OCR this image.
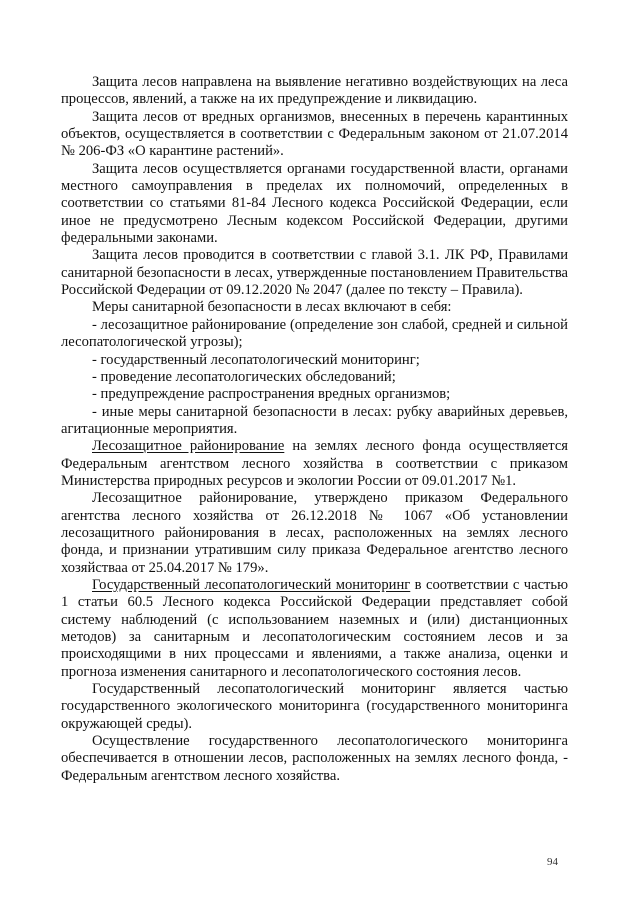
Защита лесов направлена на выявление негативно воздействующих на леса процессов, явлений, а также на их предупреждение и ликвидацию.

Защита лесов от вредных организмов, внесенных в перечень карантинных объектов, осуществляется в соответствии с Федеральным законом от 21.07.2014 № 206-ФЗ «О карантине растений».

Защита лесов осуществляется органами государственной власти, органами местного самоуправления в пределах их полномочий, определенных в соответствии со статьями 81-84 Лесного кодекса Российской Федерации, если иное не предусмотрено Лесным кодексом Российской Федерации, другими федеральными законами.

Защита лесов проводится в соответствии с главой 3.1. ЛК РФ, Правилами санитарной безопасности в лесах, утвержденные постановлением Правительства Российской Федерации от 09.12.2020 № 2047 (далее по тексту – Правила).

Меры санитарной безопасности в лесах включают в себя:

- лесозащитное районирование (определение зон слабой, средней и сильной лесопатологической угрозы);

- государственный лесопатологический мониторинг;

- проведение лесопатологических обследований;

- предупреждение распространения вредных организмов;

- иные меры санитарной безопасности в лесах: рубку аварийных деревьев, агитационные мероприятия.

Лесозащитное районирование на землях лесного фонда осуществляется Федеральным агентством лесного хозяйства в соответствии с приказом Министерства природных ресурсов и экологии России от 09.01.2017 №1.

Лесозащитное районирование, утверждено приказом Федерального агентства лесного хозяйства от 26.12.2018 № 1067 «Об установлении лесозащитного районирования в лесах, расположенных на землях лесного фонда, и признании утратившим силу приказа Федеральное агентство лесного хозяйстваа от 25.04.2017 № 179».

Государственный лесопатологический мониторинг в соответствии с частью 1 статьи 60.5 Лесного кодекса Российской Федерации представляет собой систему наблюдений (с использованием наземных и (или) дистанционных методов) за санитарным и лесопатологическим состоянием лесов и за происходящими в них процессами и явлениями, а также анализа, оценки и прогноза изменения санитарного и лесопатологического состояния лесов.

Государственный лесопатологический мониторинг является частью государственного экологического мониторинга (государственного мониторинга окружающей среды).

Осуществление государственного лесопатологического мониторинга обеспечивается в отношении лесов, расположенных на землях лесного фонда, - Федеральным агентством лесного хозяйства.

94
